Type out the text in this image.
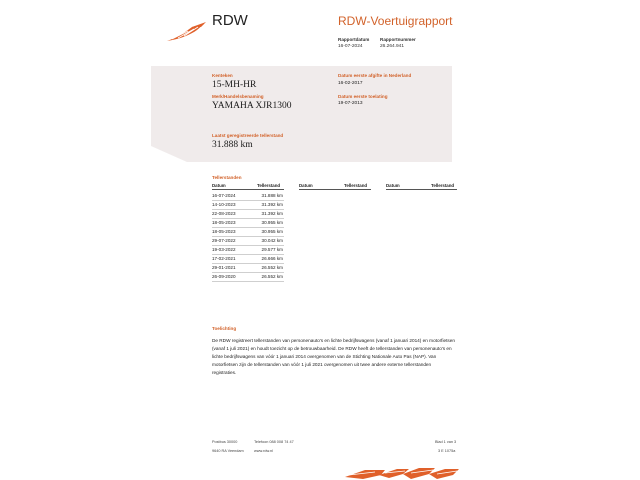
RDW	RDW-Voertuigrapport
Rapportdatum
16-07-2024
Rapportnummer
26.264.941
Kenteken
15-MH-HR
Merk/Handelsbenaming
YAMAHA XJR1300
Datum eerste afgifte in Nederland
16-02-2017
Datum eerste toelating
19-07-2013
Laatst geregistreerde tellerstand
31.888 km
Tellerstanden
Datum	Tellerstand	Datum	Tellerstand	Datum	Tellerstand
16-07-2024	31.888 km
14-10-2023	31.392 km
22-08-2023	31.392 km
18-05-2023	30.955 km
18-05-2023	30.955 km
29-07-2022	30.042 km
19-03-2022	29.577 km
17-02-2021	26.666 km
29-01-2021	26.552 km
26-09-2020	26.552 km
Toelichting
De RDW registreert tellerstanden van personenauto's en lichte bedrijfswagens (vanaf 1 januari 2014) en motorfietsen (vanaf 1 juli 2021) en houdt toezicht op de betrouwbaarheid. De RDW heeft de tellerstanden van personenauto's en lichte bedrijfswagens van vóór 1 januari 2014 overgenomen van de Stichting Nationale Auto Pas (NAP). Van motorfietsen zijn de tellerstanden van vóór 1 juli 2021 overgenomen uit twee andere externe tellerstanden registraties.
Postbus 30000
9640 RA Veendam
Telefoon 088 008 74 47
www.rdw.nl
Blad 1 van 3
3 E 1075a
